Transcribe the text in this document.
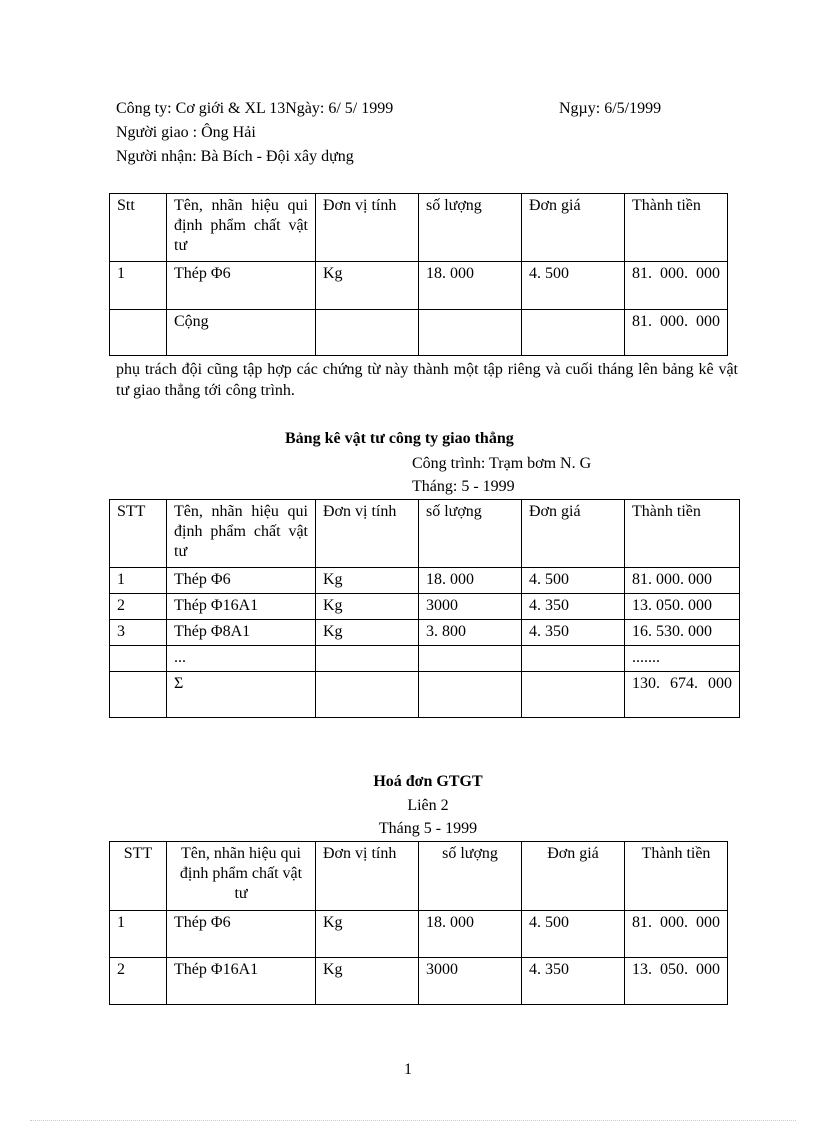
Công ty: Cơ giới & XL 13Ngày: 6/ 5/ 1999	Ngµy: 6/5/1999
Người giao : Ông Hải
Người nhận: Bà Bích - Đội xây dựng
Stt	Tên, nhãn hiệu qui định phẩm chất vật tư	Đơn vị tính	số lượng	Đơn giá	Thành tiền
1	Thép Φ6	Kg	18. 000	4. 500	81. 000. 000
	Cộng				81. 000. 000
phụ trách đội cũng tập hợp các chứng từ này thành một tập riêng và cuối tháng lên bảng kê vật tư giao thẳng tới công trình.
Bảng kê vật tư công ty giao thẳng
Công trình: Trạm bơm N. G
Tháng: 5 - 1999
STT	Tên, nhãn hiệu qui định phẩm chất vật tư	Đơn vị tính	số lượng	Đơn giá	Thành tiền
1	Thép Φ6	Kg	18. 000	4. 500	81. 000. 000
2	Thép Φ16A1	Kg	3000	4. 350	13. 050. 000
3	Thép Φ8A1	Kg	3. 800	4. 350	16. 530. 000
	...				.......
	Σ				130. 674. 000
Hoá đơn GTGT
Liên 2
Tháng 5 - 1999
STT	Tên, nhãn hiệu qui định phẩm chất vật tư	Đơn vị tính	số lượng	Đơn giá	Thành tiền
1	Thép Φ6	Kg	18. 000	4. 500	81. 000. 000
2	Thép Φ16A1	Kg	3000	4. 350	13. 050. 000
1
